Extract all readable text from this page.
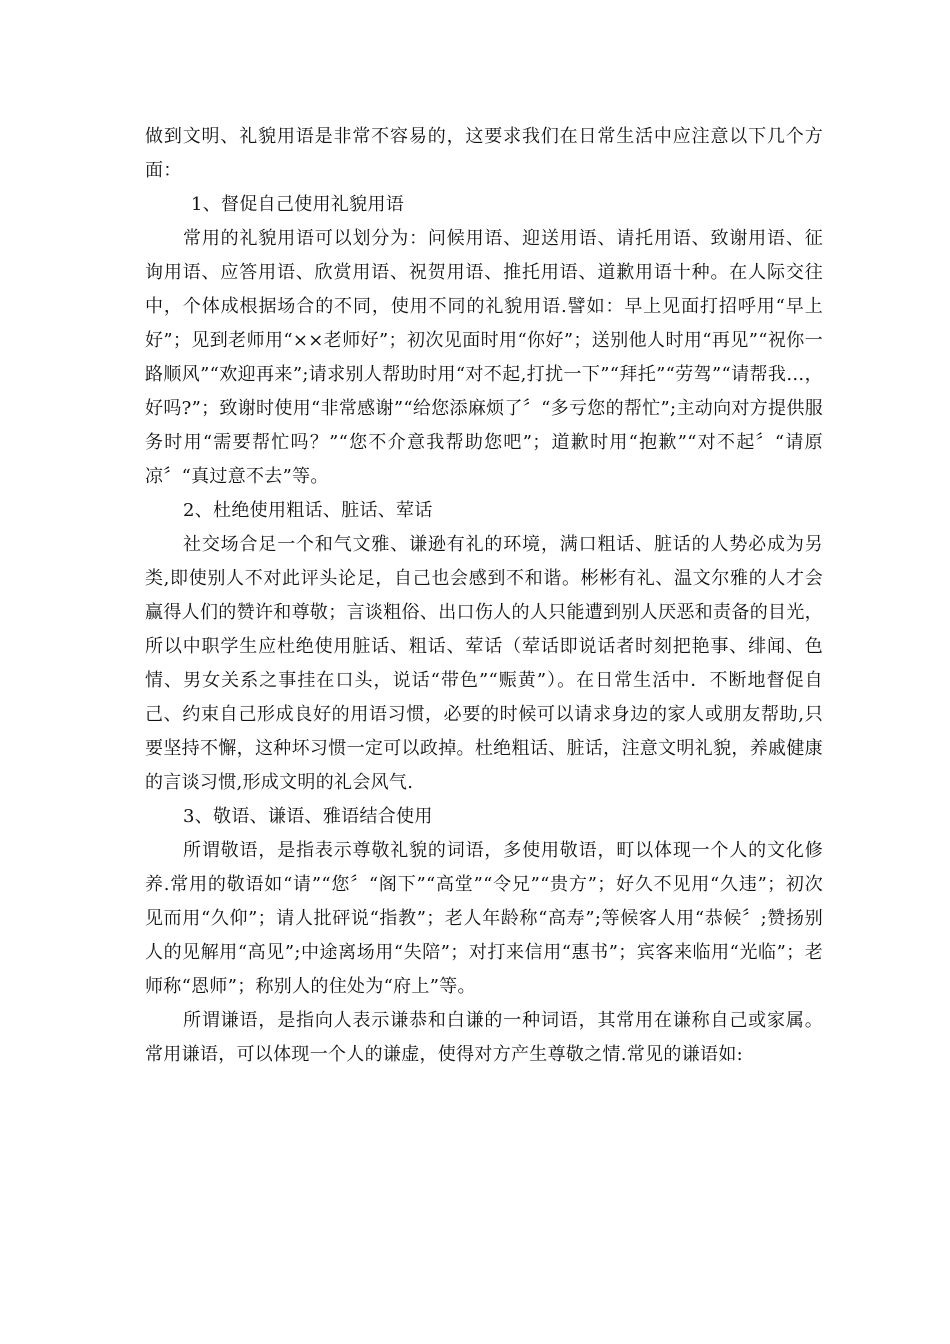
做到文明、礼貌用语是非常不容易的，这要求我们在日常生活中应注意以下几个方面：

1、督促自己使用礼貌用语

常用的礼貌用语可以划分为：问候用语、迎送用语、请托用语、致谢用语、征询用语、应答用语、欣赏用语、祝贺用语、推托用语、道歉用语十种。在人际交往中，个体成根据场合的不同，使用不同的礼貌用语.譬如：早上见面打招呼用“早上好”；见到老师用“××老师好”；初次见面时用“你好”；送别他人时用“再见”“祝你一路顺风”“欢迎再来”;请求别人帮助时用“对不起,打扰一下”“拜托”“劳驾”“请帮我…，好吗?”；致谢时使用“非常感谢”“给您添麻烦了〞“多亏您的帮忙”;主动向对方提供服务时用“需要帮忙吗？”“您不介意我帮助您吧”；道歉时用“抱歉”“对不起〞“请原凉〞“真过意不去”等。

2、杜绝使用粗话、脏话、荤话

社交场合足一个和气文雅、谦逊有礼的环境，满口粗话、脏话的人势必成为另类,即使别人不对此评头论足，自己也会感到不和谐。彬彬有礼、温文尔雅的人才会赢得人们的赞许和尊敬；言谈粗俗、出口伤人的人只能遭到别人厌恶和责备的目光，所以中职学生应杜绝使用脏话、粗话、荤话（荤话即说话者时刻把艳事、绯闻、色情、男女关系之事挂在口头，说话“带色”“赈黄”）。在日常生活中．不断地督促自己、约束自己形成良好的用语习惯，必要的时候可以请求身边的家人或朋友帮助,只要坚持不懈，这种坏习惯一定可以政掉。杜绝粗话、脏话，注意文明礼貌，养戚健康的言谈习惯,形成文明的礼会风气.

3、敬语、谦语、雅语结合使用

所谓敬语，是指表示尊敬礼貌的词语，多使用敬语，町以体现一个人的文化修养.常用的敬语如“请”“您〞“阁下”“高堂”“令兄”“贵方”；好久不见用“久违”；初次见而用“久仰”；请人批砰说“指教”；老人年龄称“高寿”;等候客人用“恭候〞;赞扬别人的见解用“高见”;中途离场用“失陪”；对打来信用“惠书”；宾客来临用“光临”；老师称“恩师”；称别人的住处为“府上”等。

所谓谦语，是指向人表示谦恭和白谦的一种词语，其常用在谦称自己或家属。常用谦语，可以体现一个人的谦虚，使得对方产生尊敬之情.常见的谦语如:
